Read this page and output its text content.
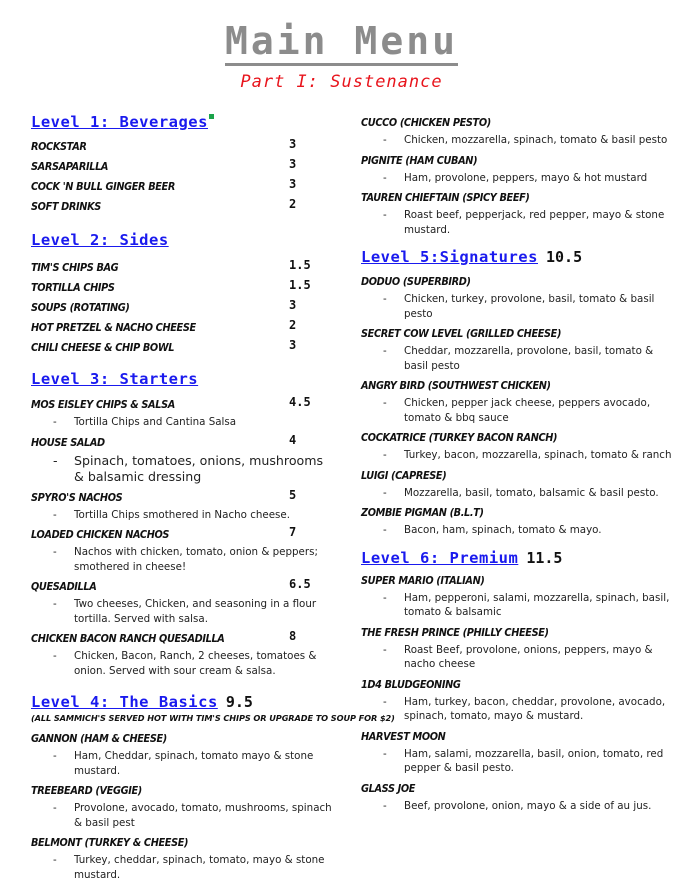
Main Menu
Part I: Sustenance
Level 1: Beverages
ROCKSTAR	3
SARSAPARILLA	3
COCK 'N BULL GINGER BEER	3
SOFT DRINKS	2
Level 2: Sides
TIM'S CHIPS BAG	1.5
TORTILLA CHIPS	1.5
SOUPS (ROTATING)	3
HOT PRETZEL & NACHO CHEESE	2
CHILI CHEESE & CHIP BOWL	3
Level 3: Starters
MOS EISLEY CHIPS & SALSA	4.5
- Tortilla Chips and Cantina Salsa
HOUSE SALAD	4
- Spinach, tomatoes, onions, mushrooms & balsamic dressing
SPYRO'S NACHOS	5
- Tortilla Chips smothered in Nacho cheese.
LOADED CHICKEN NACHOS	7
- Nachos with chicken, tomato, onion & peppers; smothered in cheese!
QUESADILLA	6.5
- Two cheeses, Chicken, and seasoning in a flour tortilla. Served with salsa.
CHICKEN BACON RANCH QUESADILLA	8
- Chicken, Bacon, Ranch, 2 cheeses, tomatoes & onion. Served with sour cream & salsa.
Level 4: The Basics 9.5
(ALL SAMMICH'S SERVED HOT WITH TIM'S CHIPS OR UPGRADE TO SOUP FOR $2)
GANNON (HAM & CHEESE)
- Ham, Cheddar, spinach, tomato mayo & stone mustard.
TREEBEARD (VEGGIE)
- Provolone, avocado, tomato, mushrooms, spinach & basil pest
BELMONT (TURKEY & CHEESE)
- Turkey, cheddar, spinach, tomato, mayo & stone mustard.
CUCCO (CHICKEN PESTO)
- Chicken, mozzarella, spinach, tomato & basil pesto
PIGNITE (HAM CUBAN)
- Ham, provolone, peppers, mayo & hot mustard
TAUREN CHIEFTAIN (SPICY BEEF)
- Roast beef, pepperjack, red pepper, mayo & stone mustard.
Level 5:Signatures 10.5
DODUO (SUPERBIRD)
- Chicken, turkey, provolone, basil, tomato & basil pesto
SECRET COW LEVEL (GRILLED CHEESE)
- Cheddar, mozzarella, provolone, basil, tomato & basil pesto
ANGRY BIRD (SOUTHWEST CHICKEN)
- Chicken, pepper jack cheese, peppers avocado, tomato & bbq sauce
COCKATRICE (TURKEY BACON RANCH)
- Turkey, bacon, mozzarella, spinach, tomato & ranch
LUIGI (CAPRESE)
- Mozzarella, basil, tomato, balsamic & basil pesto.
ZOMBIE PIGMAN (B.L.T)
- Bacon, ham, spinach, tomato & mayo.
Level 6: Premium 11.5
SUPER MARIO (ITALIAN)
- Ham, pepperoni, salami, mozzarella, spinach, basil, tomato & balsamic
THE FRESH PRINCE (PHILLY CHEESE)
- Roast Beef, provolone, onions, peppers, mayo & nacho cheese
1D4 BLUDGEONING
- Ham, turkey, bacon, cheddar, provolone, avocado, spinach, tomato, mayo & mustard.
HARVEST MOON
- Ham, salami, mozzarella, basil, onion, tomato, red pepper & basil pesto.
GLASS JOE
- Beef, provolone, onion, mayo & a side of au jus.
